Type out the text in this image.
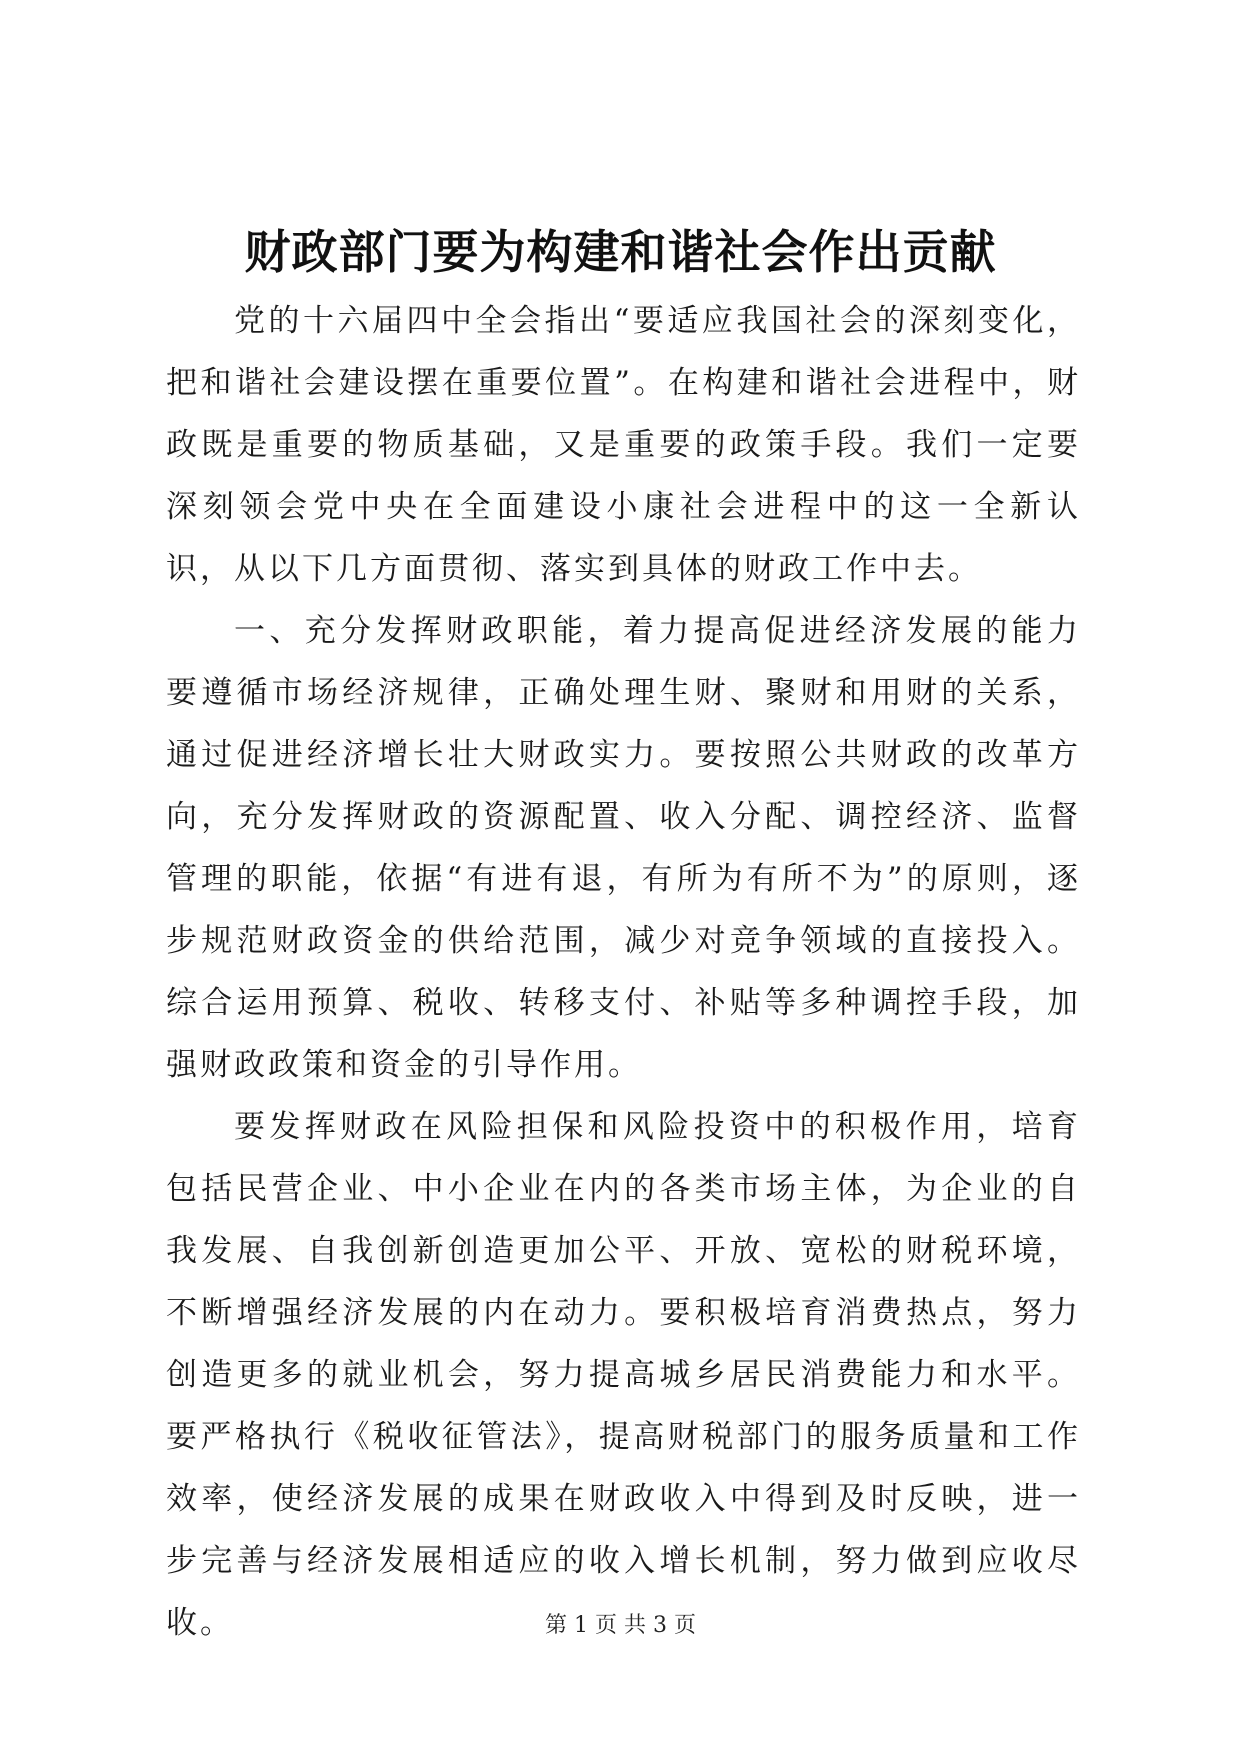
财政部门要为构建和谐社会作出贡献

党的十六届四中全会指出“要适应我国社会的深刻变化，把和谐社会建设摆在重要位置”。在构建和谐社会进程中，财政既是重要的物质基础，又是重要的政策手段。我们一定要深刻领会党中央在全面建设小康社会进程中的这一全新认识，从以下几方面贯彻、落实到具体的财政工作中去。

一、充分发挥财政职能，着力提高促进经济发展的能力要遵循市场经济规律，正确处理生财、聚财和用财的关系，通过促进经济增长壮大财政实力。要按照公共财政的改革方向，充分发挥财政的资源配置、收入分配、调控经济、监督管理的职能，依据“有进有退，有所为有所不为”的原则，逐步规范财政资金的供给范围，减少对竞争领域的直接投入。综合运用预算、税收、转移支付、补贴等多种调控手段，加强财政政策和资金的引导作用。

要发挥财政在风险担保和风险投资中的积极作用，培育包括民营企业、中小企业在内的各类市场主体，为企业的自我发展、自我创新创造更加公平、开放、宽松的财税环境，不断增强经济发展的内在动力。要积极培育消费热点，努力创造更多的就业机会，努力提高城乡居民消费能力和水平。要严格执行《税收征管法》，提高财税部门的服务质量和工作效率，使经济发展的成果在财政收入中得到及时反映，进一步完善与经济发展相适应的收入增长机制，努力做到应收尽收。	第 1 页 共 3 页
